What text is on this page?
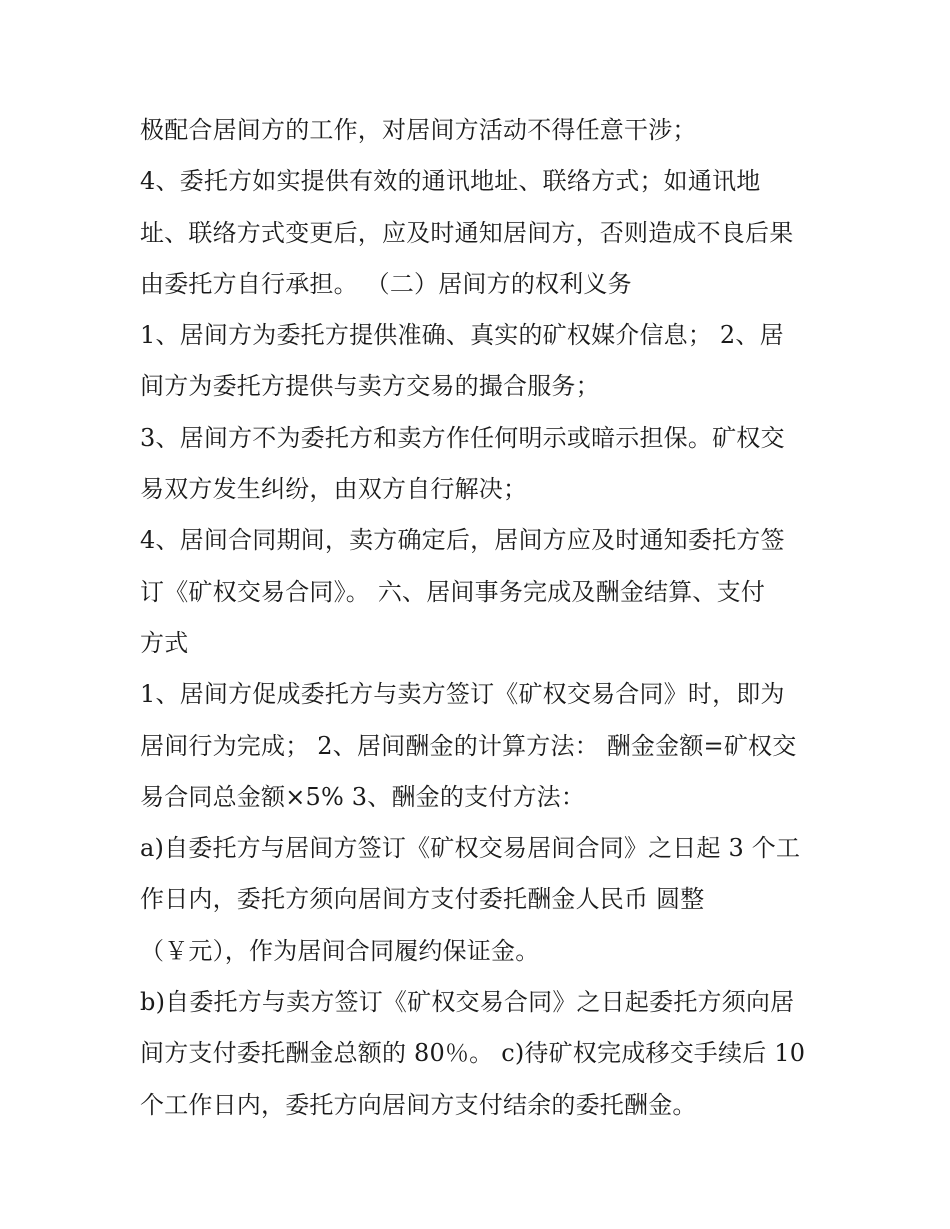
极配合居间方的工作，对居间方活动不得任意干涉；
4、委托方如实提供有效的通讯地址、联络方式；如通讯地
址、联络方式变更后，应及时通知居间方，否则造成不良后果
由委托方自行承担。 （二）居间方的权利义务
1、居间方为委托方提供准确、真实的矿权媒介信息； 2、居
间方为委托方提供与卖方交易的撮合服务；
3、居间方不为委托方和卖方作任何明示或暗示担保。矿权交
易双方发生纠纷，由双方自行解决；
4、居间合同期间，卖方确定后，居间方应及时通知委托方签
订《矿权交易合同》。 六、居间事务完成及酬金结算、支付
方式
1、居间方促成委托方与卖方签订《矿权交易合同》时，即为
居间行为完成； 2、居间酬金的计算方法： 酬金金额=矿权交
易合同总金额×5% 3、酬金的支付方法：
a)自委托方与居间方签订《矿权交易居间合同》之日起 3 个工
作日内，委托方须向居间方支付委托酬金人民币 圆整
（￥元），作为居间合同履约保证金。
b)自委托方与卖方签订《矿权交易合同》之日起委托方须向居
间方支付委托酬金总额的 80％。 c)待矿权完成移交手续后 10
个工作日内，委托方向居间方支付结余的委托酬金。
